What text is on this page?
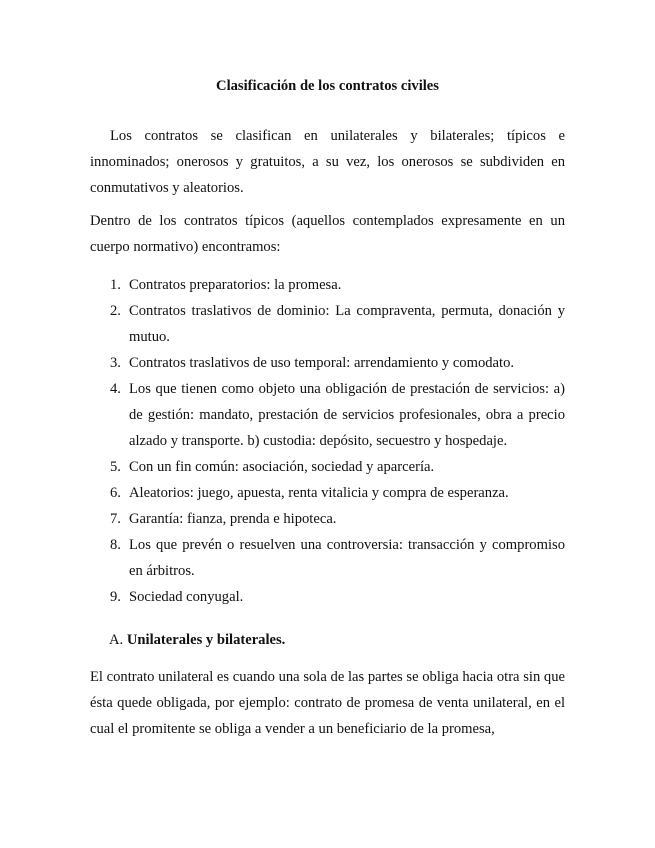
Clasificación de los contratos civiles

Los contratos se clasifican en unilaterales y bilaterales; típicos e innominados; onerosos y gratuitos, a su vez, los onerosos se subdividen en conmutativos y aleatorios.

Dentro de los contratos típicos (aquellos contemplados expresamente en un cuerpo normativo) encontramos:

1. Contratos preparatorios: la promesa.
2. Contratos traslativos de dominio: La compraventa, permuta, donación y mutuo.
3. Contratos traslativos de uso temporal: arrendamiento y comodato.
4. Los que tienen como objeto una obligación de prestación de servicios: a) de gestión: mandato, prestación de servicios profesionales, obra a precio alzado y transporte. b) custodia: depósito, secuestro y hospedaje.
5. Con un fin común: asociación, sociedad y aparcería.
6. Aleatorios: juego, apuesta, renta vitalicia y compra de esperanza.
7. Garantía: fianza, prenda e hipoteca.
8. Los que prevén o resuelven una controversia: transacción y compromiso en árbitros.
9. Sociedad conyugal.

A. Unilaterales y bilaterales.

El contrato unilateral es cuando una sola de las partes se obliga hacia otra sin que ésta quede obligada, por ejemplo: contrato de promesa de venta unilateral, en el cual el promitente se obliga a vender a un beneficiario de la promesa,
